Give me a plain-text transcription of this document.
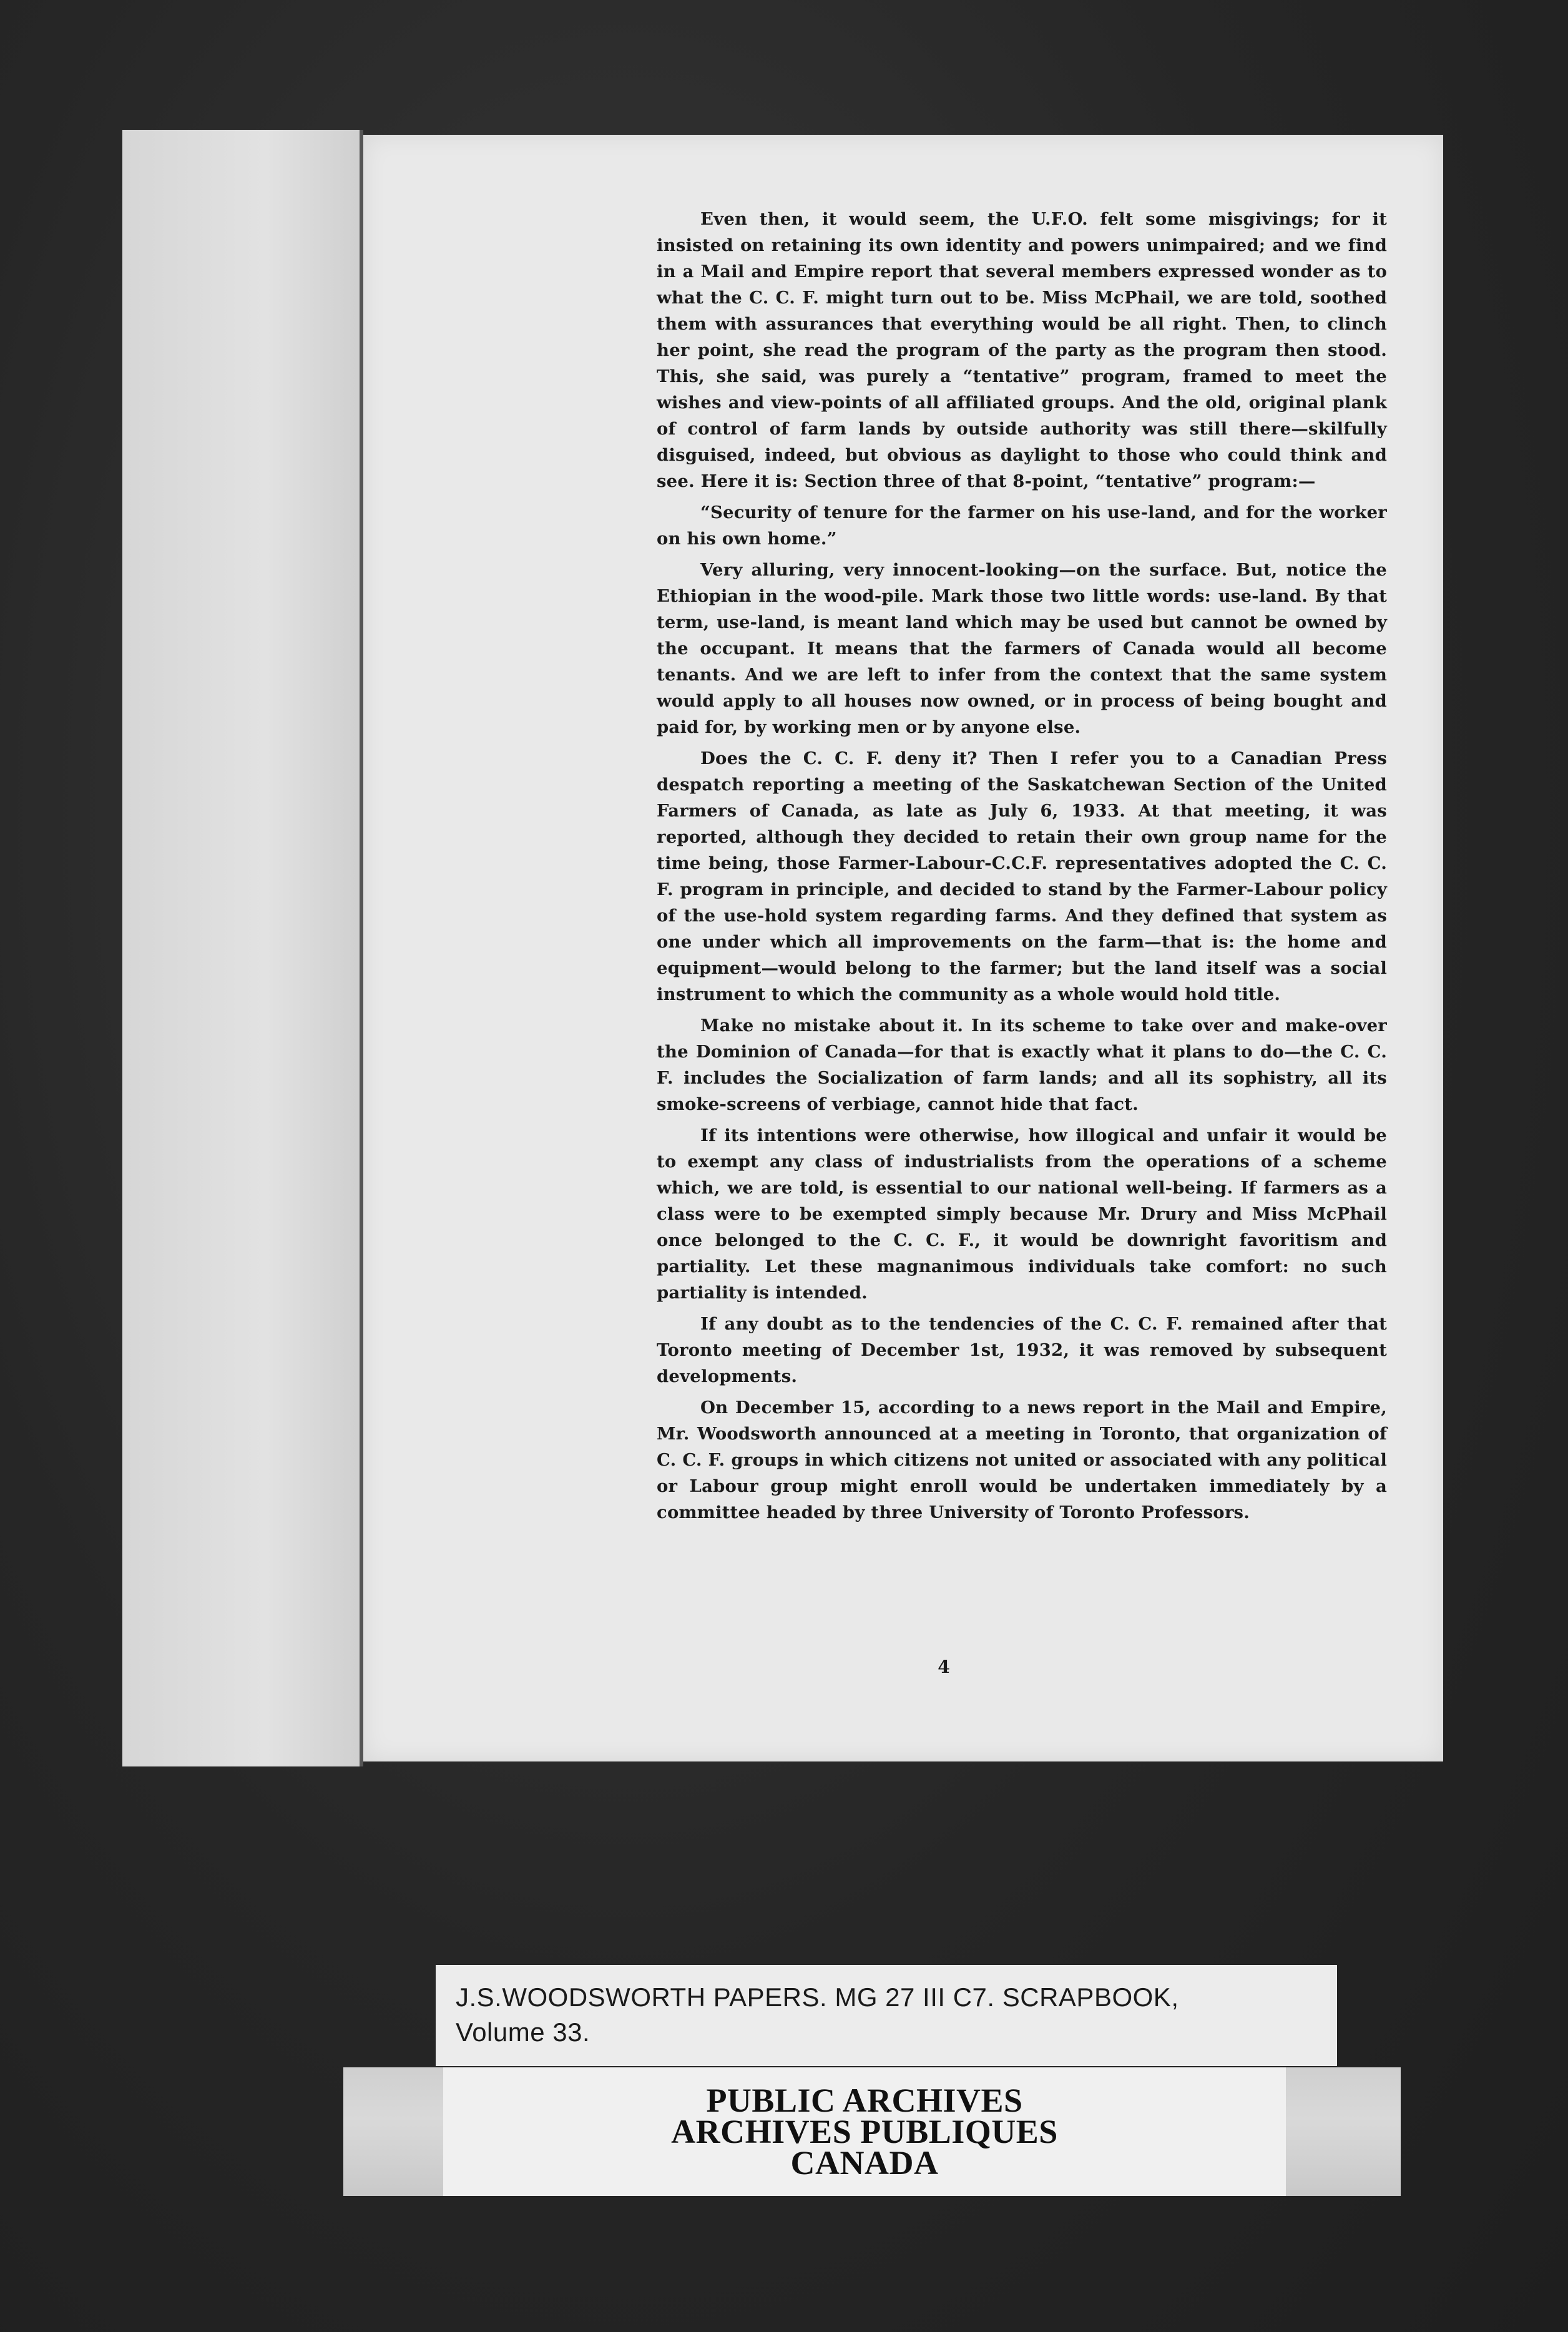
Even then, it would seem, the U.F.O. felt some misgivings; for it insisted on retaining its own identity and powers unimpaired; and we find in a Mail and Empire report that several members expressed wonder as to what the C. C. F. might turn out to be. Miss McPhail, we are told, soothed them with assurances that everything would be all right. Then, to clinch her point, she read the program of the party as the program then stood. This, she said, was purely a “tentative” program, framed to meet the wishes and view-points of all affiliated groups. And the old, original plank of control of farm lands by outside authority was still there—skilfully disguised, indeed, but obvious as daylight to those who could think and see. Here it is: Section three of that 8-point, “tentative” program:—

“Security of tenure for the farmer on his use-land, and for the worker on his own home.”

Very alluring, very innocent-looking—on the surface. But, notice the Ethiopian in the wood-pile. Mark those two little words: use-land. By that term, use-land, is meant land which may be used but cannot be owned by the occupant. It means that the farmers of Canada would all become tenants. And we are left to infer from the context that the same system would apply to all houses now owned, or in process of being bought and paid for, by working men or by anyone else.

Does the C. C. F. deny it? Then I refer you to a Canadian Press despatch reporting a meeting of the Saskatchewan Section of the United Farmers of Canada, as late as July 6, 1933. At that meeting, it was reported, although they decided to retain their own group name for the time being, those Farmer-Labour-C.C.F. representatives adopted the C. C. F. program in principle, and decided to stand by the Farmer-Labour policy of the use-hold system regarding farms. And they defined that system as one under which all improvements on the farm—that is: the home and equipment—would belong to the farmer; but the land itself was a social instrument to which the community as a whole would hold title.

Make no mistake about it. In its scheme to take over and make-over the Dominion of Canada—for that is exactly what it plans to do—the C. C. F. includes the Socialization of farm lands; and all its sophistry, all its smoke-screens of verbiage, cannot hide that fact.

If its intentions were otherwise, how illogical and unfair it would be to exempt any class of industrialists from the operations of a scheme which, we are told, is essential to our national well-being. If farmers as a class were to be exempted simply because Mr. Drury and Miss McPhail once belonged to the C. C. F., it would be downright favoritism and partiality. Let these magnanimous individuals take comfort: no such partiality is intended.

If any doubt as to the tendencies of the C. C. F. remained after that Toronto meeting of December 1st, 1932, it was removed by subsequent developments.

On December 15, according to a news report in the Mail and Empire, Mr. Woodsworth announced at a meeting in Toronto, that organization of C. C. F. groups in which citizens not united or associated with any political or Labour group might enroll would be undertaken immediately by a committee headed by three University of Toronto Professors.

4
J.S.WOODSWORTH PAPERS. MG 27 III C7. SCRAPBOOK,
Volume 33.
PUBLIC ARCHIVES
ARCHIVES PUBLIQUES
CANADA
